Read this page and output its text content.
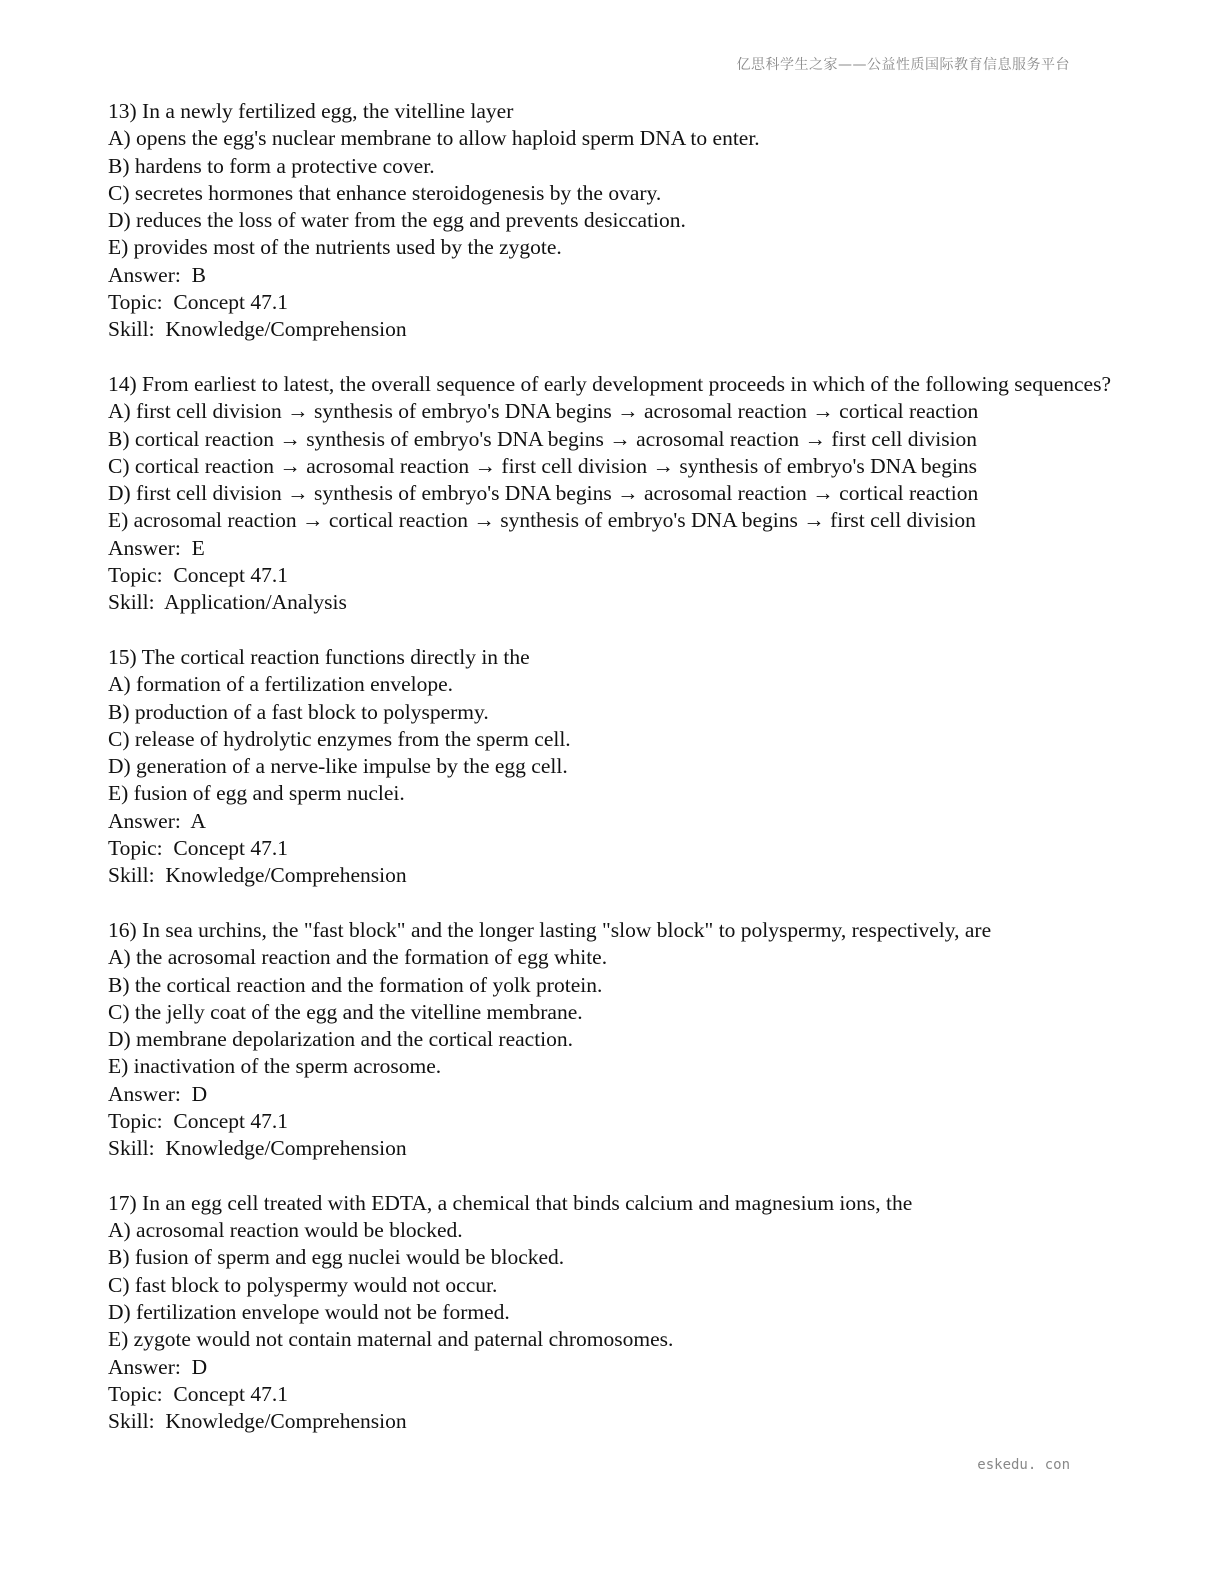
亿思科学生之家——公益性质国际教育信息服务平台
13) In a newly fertilized egg, the vitelline layer
A) opens the egg's nuclear membrane to allow haploid sperm DNA to enter.
B) hardens to form a protective cover.
C) secretes hormones that enhance steroidogenesis by the ovary.
D) reduces the loss of water from the egg and prevents desiccation.
E) provides most of the nutrients used by the zygote.
Answer:  B
Topic:  Concept 47.1
Skill:  Knowledge/Comprehension
14) From earliest to latest, the overall sequence of early development proceeds in which of the following sequences?
A) first cell division → synthesis of embryo's DNA begins → acrosomal reaction → cortical reaction
B) cortical reaction → synthesis of embryo's DNA begins → acrosomal reaction → first cell division
C) cortical reaction → acrosomal reaction → first cell division → synthesis of embryo's DNA begins
D) first cell division → synthesis of embryo's DNA begins → acrosomal reaction → cortical reaction
E) acrosomal reaction → cortical reaction → synthesis of embryo's DNA begins → first cell division
Answer:  E
Topic:  Concept 47.1
Skill:  Application/Analysis
15) The cortical reaction functions directly in the
A) formation of a fertilization envelope.
B) production of a fast block to polyspermy.
C) release of hydrolytic enzymes from the sperm cell.
D) generation of a nerve-like impulse by the egg cell.
E) fusion of egg and sperm nuclei.
Answer:  A
Topic:  Concept 47.1
Skill:  Knowledge/Comprehension
16) In sea urchins, the "fast block" and the longer lasting "slow block" to polyspermy, respectively, are
A) the acrosomal reaction and the formation of egg white.
B) the cortical reaction and the formation of yolk protein.
C) the jelly coat of the egg and the vitelline membrane.
D) membrane depolarization and the cortical reaction.
E) inactivation of the sperm acrosome.
Answer:  D
Topic:  Concept 47.1
Skill:  Knowledge/Comprehension
17) In an egg cell treated with EDTA, a chemical that binds calcium and magnesium ions, the
A) acrosomal reaction would be blocked.
B) fusion of sperm and egg nuclei would be blocked.
C) fast block to polyspermy would not occur.
D) fertilization envelope would not be formed.
E) zygote would not contain maternal and paternal chromosomes.
Answer:  D
Topic:  Concept 47.1
Skill:  Knowledge/Comprehension
eskedu. con
